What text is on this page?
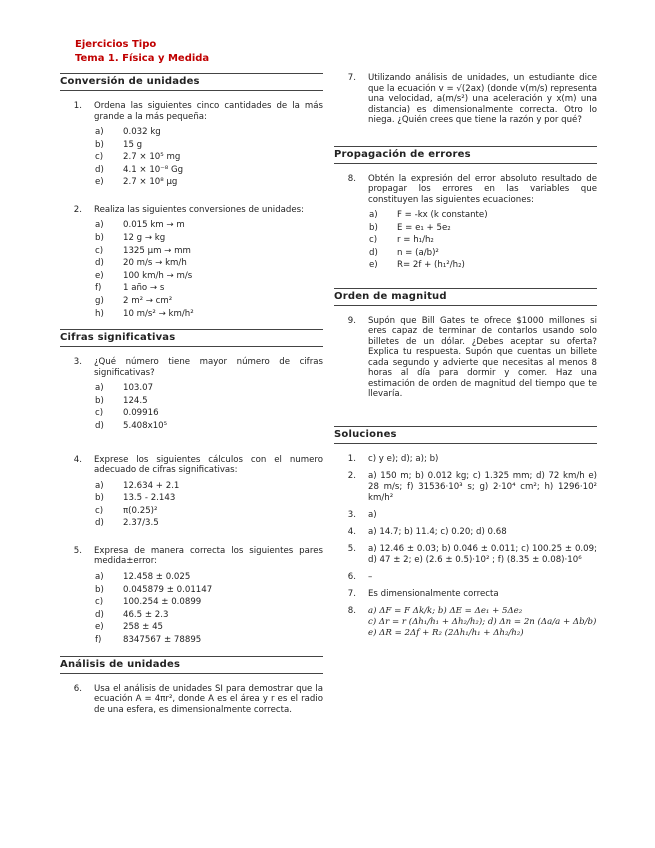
Ejercicios Tipo
Tema 1. Física y Medida
Conversión de unidades
1.	Ordena las siguientes cinco cantidades de la más grande a la más pequeña:
a)	0.032 kg
b)	15 g
c)	2.7 × 10⁵ mg
d)	4.1 × 10⁻⁸ Gg
e)	2.7 × 10⁸ μg
2.	Realiza las siguientes conversiones de unidades:
a)	0.015 km → m
b)	12 g → kg
c)	1325 μm → mm
d)	20 m/s → km/h
e)	100 km/h → m/s
f)	1 año → s
g)	2 m² → cm²
h)	10 m/s² → km/h²
Cifras significativas
3.	¿Qué número tiene mayor número de cifras significativas?
a)	103.07
b)	124.5
c)	0.09916
d)	5.408x10⁵
4.	Exprese los siguientes cálculos con el numero adecuado de cifras significativas:
a)	12.634 + 2.1
b)	13.5 - 2.143
c)	π(0.25)²
d)	2.37/3.5
5.	Expresa de manera correcta los siguientes pares medida±error:
a)	12.458 ± 0.025
b)	0.045879 ± 0.01147
c)	100.254 ± 0.0899
d)	46.5 ± 2.3
e)	258 ± 45
f)	8347567 ± 78895
Análisis de unidades
6.	Usa el análisis de unidades SI para demostrar que la ecuación A = 4πr², donde A es el área y r es el radio de una esfera, es dimensionalmente correcta.
7.	Utilizando análisis de unidades, un estudiante dice que la ecuación v = √(2ax) (donde v(m/s) representa una velocidad, a(m/s²) una aceleración y x(m) una distancia) es dimensionalmente correcta. Otro lo niega. ¿Quién crees que tiene la razón y por qué?
Propagación de errores
8.	Obtén la expresión del error absoluto resultado de propagar los errores en las variables que constituyen las siguientes ecuaciones:
a)	F = -kx (k constante)
b)	E = e₁ + 5e₂
c)	r = h₁/h₂
d)	n = (a/b)²
e)	R= 2f + (h₁²/h₂)
Orden de magnitud
9.	Supón que Bill Gates te ofrece $1000 millones si eres capaz de terminar de contarlos usando solo billetes de un dólar. ¿Debes aceptar su oferta? Explica tu respuesta. Supón que cuentas un billete cada segundo y advierte que necesitas al menos 8 horas al día para dormir y comer. Haz una estimación de orden de magnitud del tiempo que te llevaría.
Soluciones
1.	c) y e); d); a); b)
2.	a) 150 m; b) 0.012 kg; c) 1.325 mm; d) 72 km/h e) 28 m/s; f) 31536·10³ s; g) 2·10⁴ cm²; h) 1296·10² km/h²
3.	a)
4.	a) 14.7; b) 11.4; c) 0.20; d) 0.68
5.	a) 12.46 ± 0.03; b) 0.046 ± 0.011; c) 100.25 ± 0.09; d) 47 ± 2; e) (2.6 ± 0.5)·10² ; f) (8.35 ± 0.08)·10⁶
6.	–
7.	Es dimensionalmente correcta
8.	a) ΔF = F Δk/k; b) ΔE = Δe₁ + 5Δe₂
c) Δr = r (Δh₁/h₁ + Δh₂/h₂); d) Δn = 2n (Δa/a + Δb/b)
e) ΔR = 2Δf + R₂ (2Δh₁/h₁ + Δh₂/h₂)
